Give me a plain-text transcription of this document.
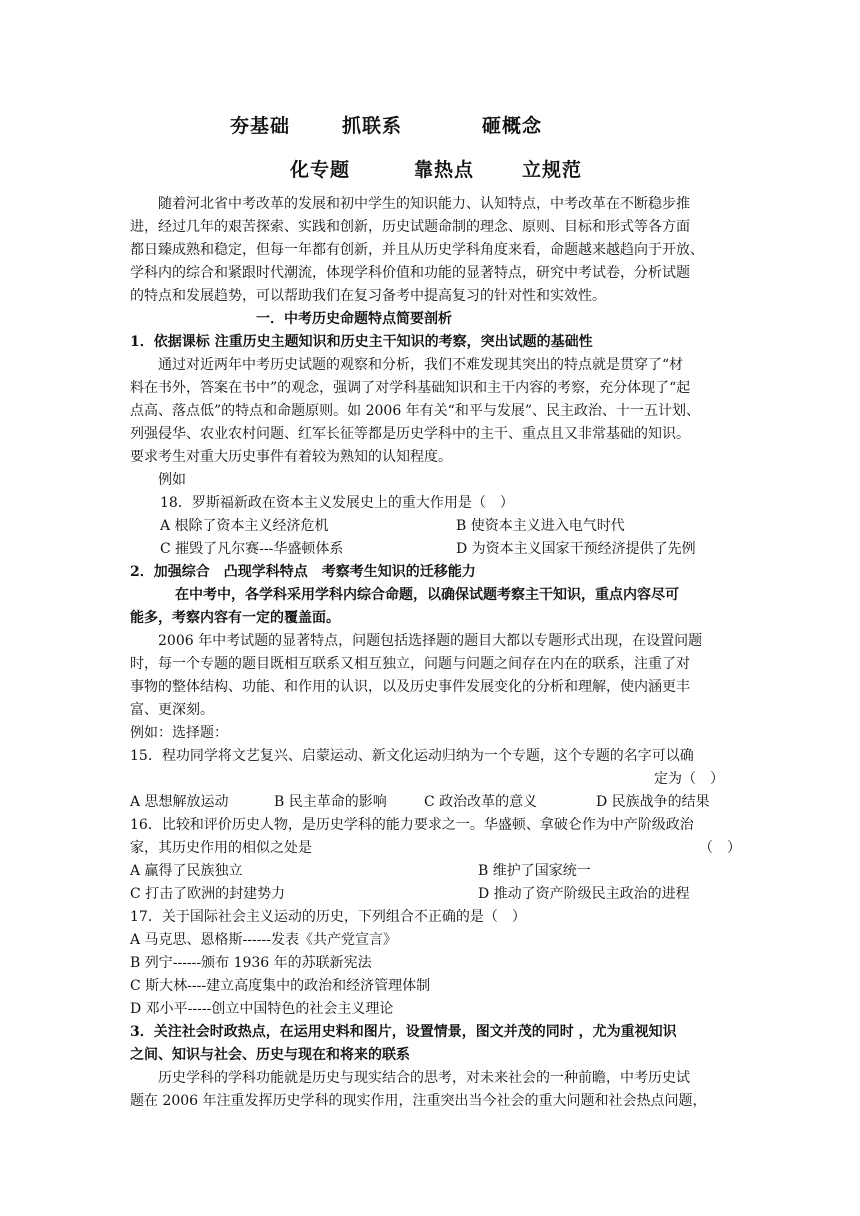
夯基础	抓联系	砸概念
化专题	靠热点	立规范
随着河北省中考改革的发展和初中学生的知识能力、认知特点，中考改革在不断稳步推
进，经过几年的艰苦探索、实践和创新，历史试题命制的理念、原则、目标和形式等各方面
都日臻成熟和稳定，但每一年都有创新，并且从历史学科角度来看，命题越来越趋向于开放、
学科内的综合和紧跟时代潮流，体现学科价值和功能的显著特点，研究中考试卷，分析试题
的特点和发展趋势，可以帮助我们在复习备考中提高复习的针对性和实效性。
一．中考历史命题特点简要剖析
1．依据课标 注重历史主题知识和历史主干知识的考察，突出试题的基础性
通过对近两年中考历史试题的观察和分析，我们不难发现其突出的特点就是贯穿了“材
料在书外，答案在书中”的观念，强调了对学科基础知识和主干内容的考察，充分体现了“起
点高、落点低”的特点和命题原则。如 2006 年有关“和平与发展”、民主政治、十一五计划、
列强侵华、农业农村问题、红军长征等都是历史学科中的主干、重点且又非常基础的知识。
要求考生对重大历史事件有着较为熟知的认知程度。
例如
18．罗斯福新政在资本主义发展史上的重大作用是（　）
A 根除了资本主义经济危机	B 使资本主义进入电气时代
C 摧毁了凡尔赛---华盛顿体系	D 为资本主义国家干预经济提供了先例
2．加强综合　凸现学科特点　考察考生知识的迁移能力
在中考中，各学科采用学科内综合命题，以确保试题考察主干知识，重点内容尽可
能多，考察内容有一定的覆盖面。
2006 年中考试题的显著特点，问题包括选择题的题目大都以专题形式出现，在设置问题
时，每一个专题的题目既相互联系又相互独立，问题与问题之间存在内在的联系，注重了对
事物的整体结构、功能、和作用的认识，以及历史事件发展变化的分析和理解，使内涵更丰
富、更深刻。
例如：选择题：
15．程功同学将文艺复兴、启蒙运动、新文化运动归纳为一个专题，这个专题的名字可以确
定为（　）
A 思想解放运动	B 民主革命的影响	C 政治改革的意义	D 民族战争的结果
16．比较和评价历史人物，是历史学科的能力要求之一。华盛顿、拿破仑作为中产阶级政治
家，其历史作用的相似之处是	（　）
A 赢得了民族独立	B 维护了国家统一
C 打击了欧洲的封建势力	D 推动了资产阶级民主政治的进程
17．关于国际社会主义运动的历史，下列组合不正确的是（　）
A 马克思、恩格斯------发表《共产党宣言》
B 列宁------颁布 1936 年的苏联新宪法
C 斯大林----建立高度集中的政治和经济管理体制
D 邓小平-----创立中国特色的社会主义理论
3．关注社会时政热点，在运用史料和图片，设置情景，图文并茂的同时 ，尤为重视知识
之间、知识与社会、历史与现在和将来的联系
历史学科的学科功能就是历史与现实结合的思考，对未来社会的一种前瞻，中考历史试
题在 2006 年注重发挥历史学科的现实作用，注重突出当今社会的重大问题和社会热点问题，
